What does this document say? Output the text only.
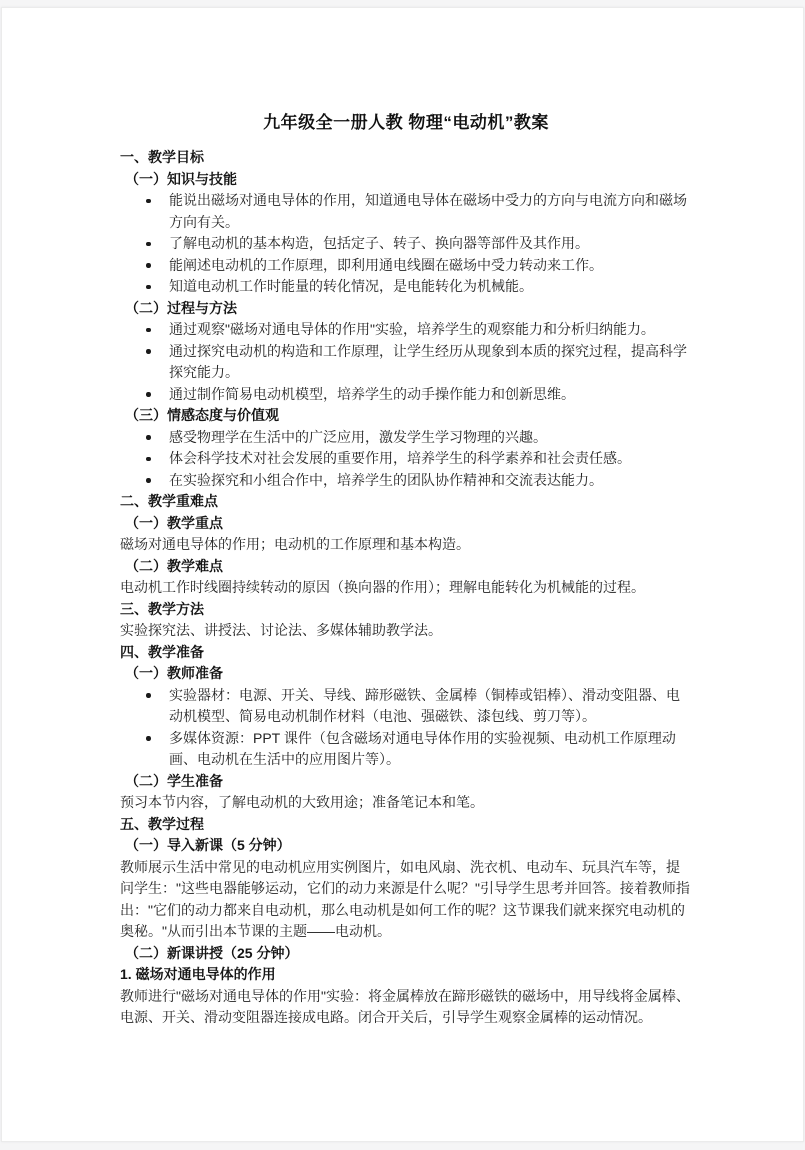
九年级全一册人教 物理“电动机”教案
一、教学目标
（一）知识与技能
能说出磁场对通电导体的作用，知道通电导体在磁场中受力的方向与电流方向和磁场方向有关。
了解电动机的基本构造，包括定子、转子、换向器等部件及其作用。
能阐述电动机的工作原理，即利用通电线圈在磁场中受力转动来工作。
知道电动机工作时能量的转化情况，是电能转化为机械能。
（二）过程与方法
通过观察"磁场对通电导体的作用"实验，培养学生的观察能力和分析归纳能力。
通过探究电动机的构造和工作原理，让学生经历从现象到本质的探究过程，提高科学探究能力。
通过制作简易电动机模型，培养学生的动手操作能力和创新思维。
（三）情感态度与价值观
感受物理学在生活中的广泛应用，激发学生学习物理的兴趣。
体会科学技术对社会发展的重要作用，培养学生的科学素养和社会责任感。
在实验探究和小组合作中，培养学生的团队协作精神和交流表达能力。
二、教学重难点
（一）教学重点
磁场对通电导体的作用；电动机的工作原理和基本构造。
（二）教学难点
电动机工作时线圈持续转动的原因（换向器的作用）；理解电能转化为机械能的过程。
三、教学方法
实验探究法、讲授法、讨论法、多媒体辅助教学法。
四、教学准备
（一）教师准备
实验器材：电源、开关、导线、蹄形磁铁、金属棒（铜棒或铝棒）、滑动变阻器、电动机模型、简易电动机制作材料（电池、强磁铁、漆包线、剪刀等）。
多媒体资源：PPT 课件（包含磁场对通电导体作用的实验视频、电动机工作原理动画、电动机在生活中的应用图片等）。
（二）学生准备
预习本节内容，了解电动机的大致用途；准备笔记本和笔。
五、教学过程
（一）导入新课（5 分钟）
教师展示生活中常见的电动机应用实例图片，如电风扇、洗衣机、电动车、玩具汽车等，提问学生："这些电器能够运动，它们的动力来源是什么呢？"引导学生思考并回答。接着教师指出："它们的动力都来自电动机，那么电动机是如何工作的呢？这节课我们就来探究电动机的奥秘。"从而引出本节课的主题——电动机。
（二）新课讲授（25 分钟）
1. 磁场对通电导体的作用
教师进行"磁场对通电导体的作用"实验：将金属棒放在蹄形磁铁的磁场中，用导线将金属棒、电源、开关、滑动变阻器连接成电路。闭合开关后，引导学生观察金属棒的运动情况。
